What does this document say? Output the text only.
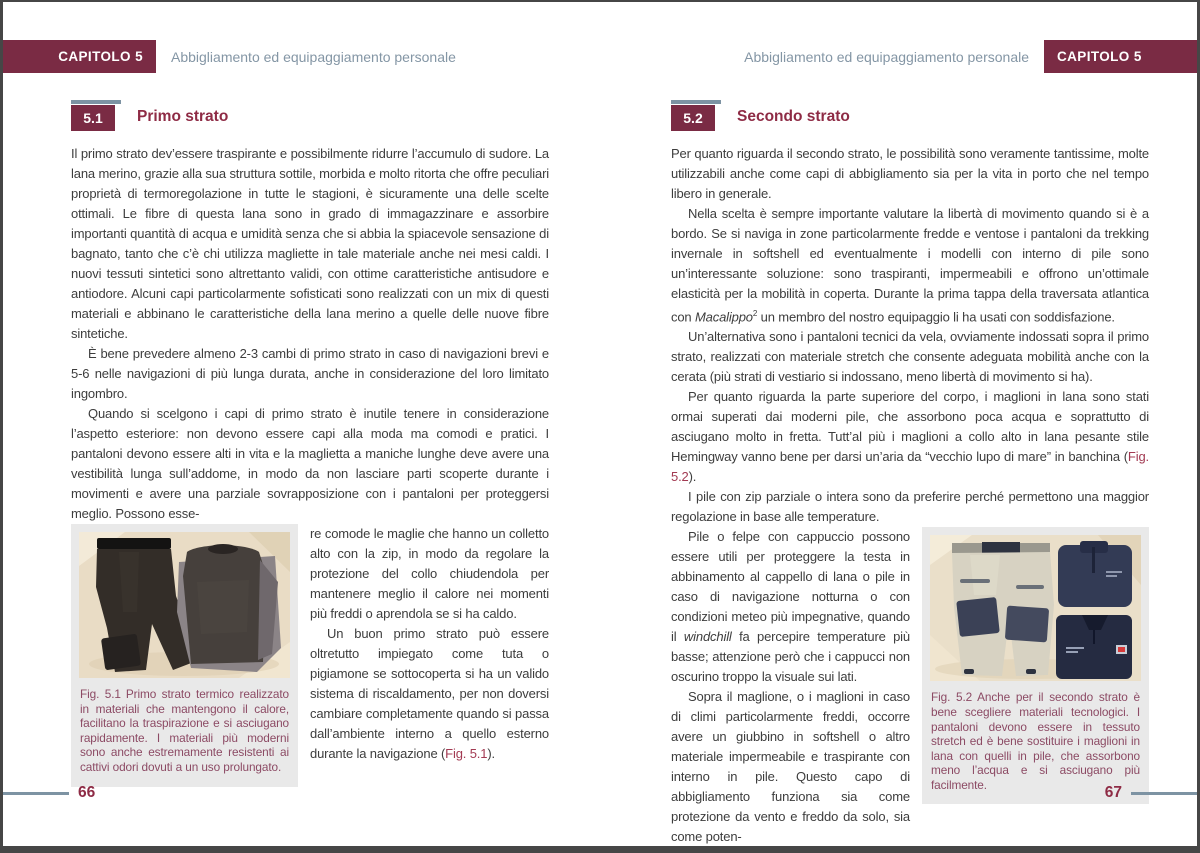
CAPITOLO 5	Abbigliamento ed equipaggiamento personale	CAPITOLO 5
Abbigliamento ed equipaggiamento personale
5.1	Primo strato

Il primo strato dev’essere traspirante e possibilmente ridurre l’accumulo di sudore. La lana merino, grazie alla sua struttura sottile, morbida e molto ritorta che offre peculiari proprietà di termoregolazione in tutte le stagioni, è sicuramente una delle scelte ottimali. Le fibre di questa lana sono in grado di immagazzinare e assorbire importanti quantità di acqua e umidità senza che si abbia la spiacevole sensazione di bagnato, tanto che c’è chi utilizza magliette in tale materiale anche nei mesi caldi. I nuovi tessuti sintetici sono altrettanto validi, con ottime caratteristiche antisudore e antiodore. Alcuni capi particolarmente sofisticati sono realizzati con un mix di questi materiali e abbinano le caratteristiche della lana merino a quelle delle nuove fibre sintetiche.

È bene prevedere almeno 2-3 cambi di primo strato in caso di navigazioni brevi e 5-6 nelle navigazioni di più lunga durata, anche in considerazione del loro limitato ingombro.

Quando si scelgono i capi di primo strato è inutile tenere in considerazione l’aspetto esteriore: non devono essere capi alla moda ma comodi e pratici. I pantaloni devono essere alti in vita e la maglietta a maniche lunghe deve avere una vestibilità lunga sull’addome, in modo da non lasciare parti scoperte durante i movimenti e avere una parziale sovrapposizione con i pantaloni per proteggersi meglio. Possono esse-

Fig. 5.1 Primo strato termico realizzato in materiali che mantengono il calore, facilitano la traspirazione e si asciugano rapidamente. I materiali più moderni sono anche estremamente resistenti ai cattivi odori dovuti a un uso prolungato.

re comode le maglie che hanno un colletto alto con la zip, in modo da regolare la protezione del collo chiudendola per mantenere meglio il calore nei momenti più freddi o aprendola se si ha caldo.

Un buon primo strato può essere oltretutto impiegato come tuta o pigiamone se sottocoperta si ha un valido sistema di riscaldamento, per non doversi cambiare completamente quando si passa dall’ambiente interno a quello esterno durante la navigazione (Fig. 5.1).

5.2	Secondo strato

Per quanto riguarda il secondo strato, le possibilità sono veramente tantissime, molte utilizzabili anche come capi di abbigliamento sia per la vita in porto che nel tempo libero in generale.

Nella scelta è sempre importante valutare la libertà di movimento quando si è a bordo. Se si naviga in zone particolarmente fredde e ventose i pantaloni da trekking invernale in softshell ed eventualmente i modelli con interno di pile sono un’interessante soluzione: sono traspiranti, impermeabili e offrono un’ottimale elasticità per la mobilità in coperta. Durante la prima tappa della traversata atlantica con Macalippo$^2$ un membro del nostro equipaggio li ha usati con soddisfazione.

Un’alternativa sono i pantaloni tecnici da vela, ovviamente indossati sopra il primo strato, realizzati con materiale stretch che consente adeguata mobilità anche con la cerata (più strati di vestiario si indossano, meno libertà di movimento si ha).

Per quanto riguarda la parte superiore del corpo, i maglioni in lana sono stati ormai superati dai moderni pile, che assorbono poca acqua e soprattutto di asciugano molto in fretta. Tutt’al più i maglioni a collo alto in lana pesante stile Hemingway vanno bene per darsi un’aria da “vecchio lupo di mare” in banchina (Fig. 5.2).

I pile con zip parziale o intera sono da preferire perché permettono una maggior regolazione in base alle temperature.

Pile o felpe con cappuccio possono essere utili per proteggere la testa in abbinamento al cappello di lana o pile in caso di navigazione notturna o con condizioni meteo più impegnative, quando il windchill fa percepire temperature più basse; attenzione però che i cappucci non oscurino troppo la visuale sui lati.

Sopra il maglione, o i maglioni in caso di climi particolarmente freddi, occorre avere un giubbino in softshell o altro materiale impermeabile e traspirante con interno in pile. Questo capo di abbigliamento funziona sia come protezione da vento e freddo da solo, sia come poten-

Fig. 5.2 Anche per il secondo strato è bene scegliere materiali tecnologici. I pantaloni devono essere in tessuto stretch ed è bene sostituire i maglioni in lana con quelli in pile, che assorbono meno l’acqua e si asciugano più facilmente.

66	67
